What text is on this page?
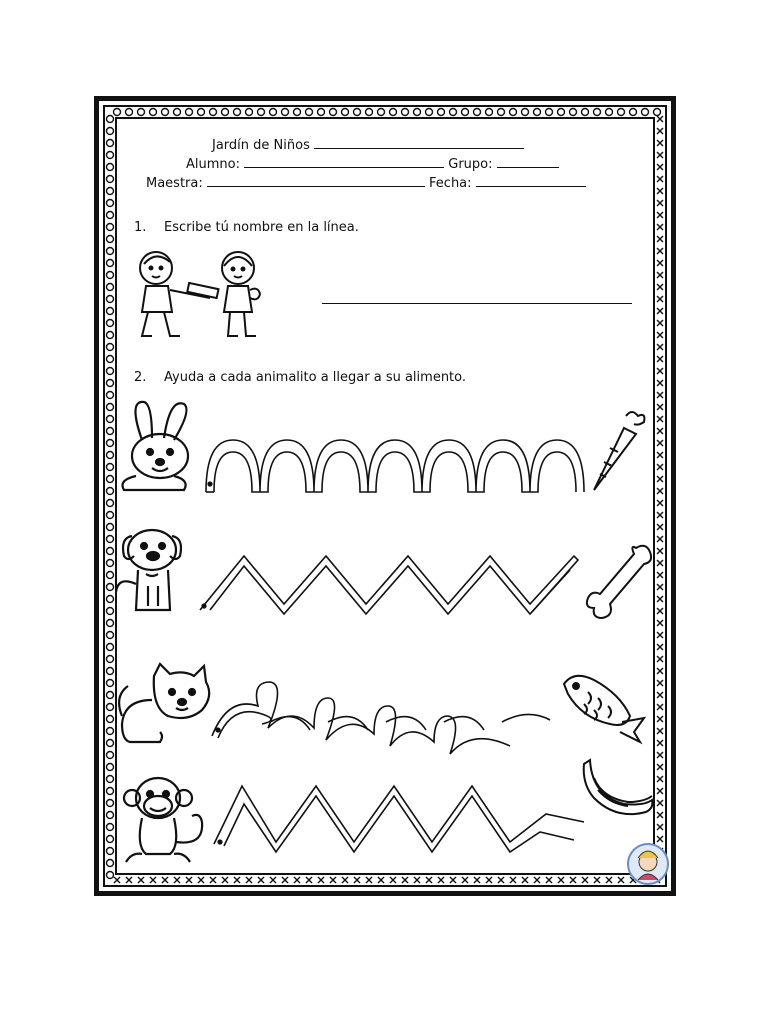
Jardín de Niños
Alumno:	Grupo:
Maestra:	Fecha:
1. Escribe tú nombre en la línea.
2. Ayuda a cada animalito a llegar a su alimento.
